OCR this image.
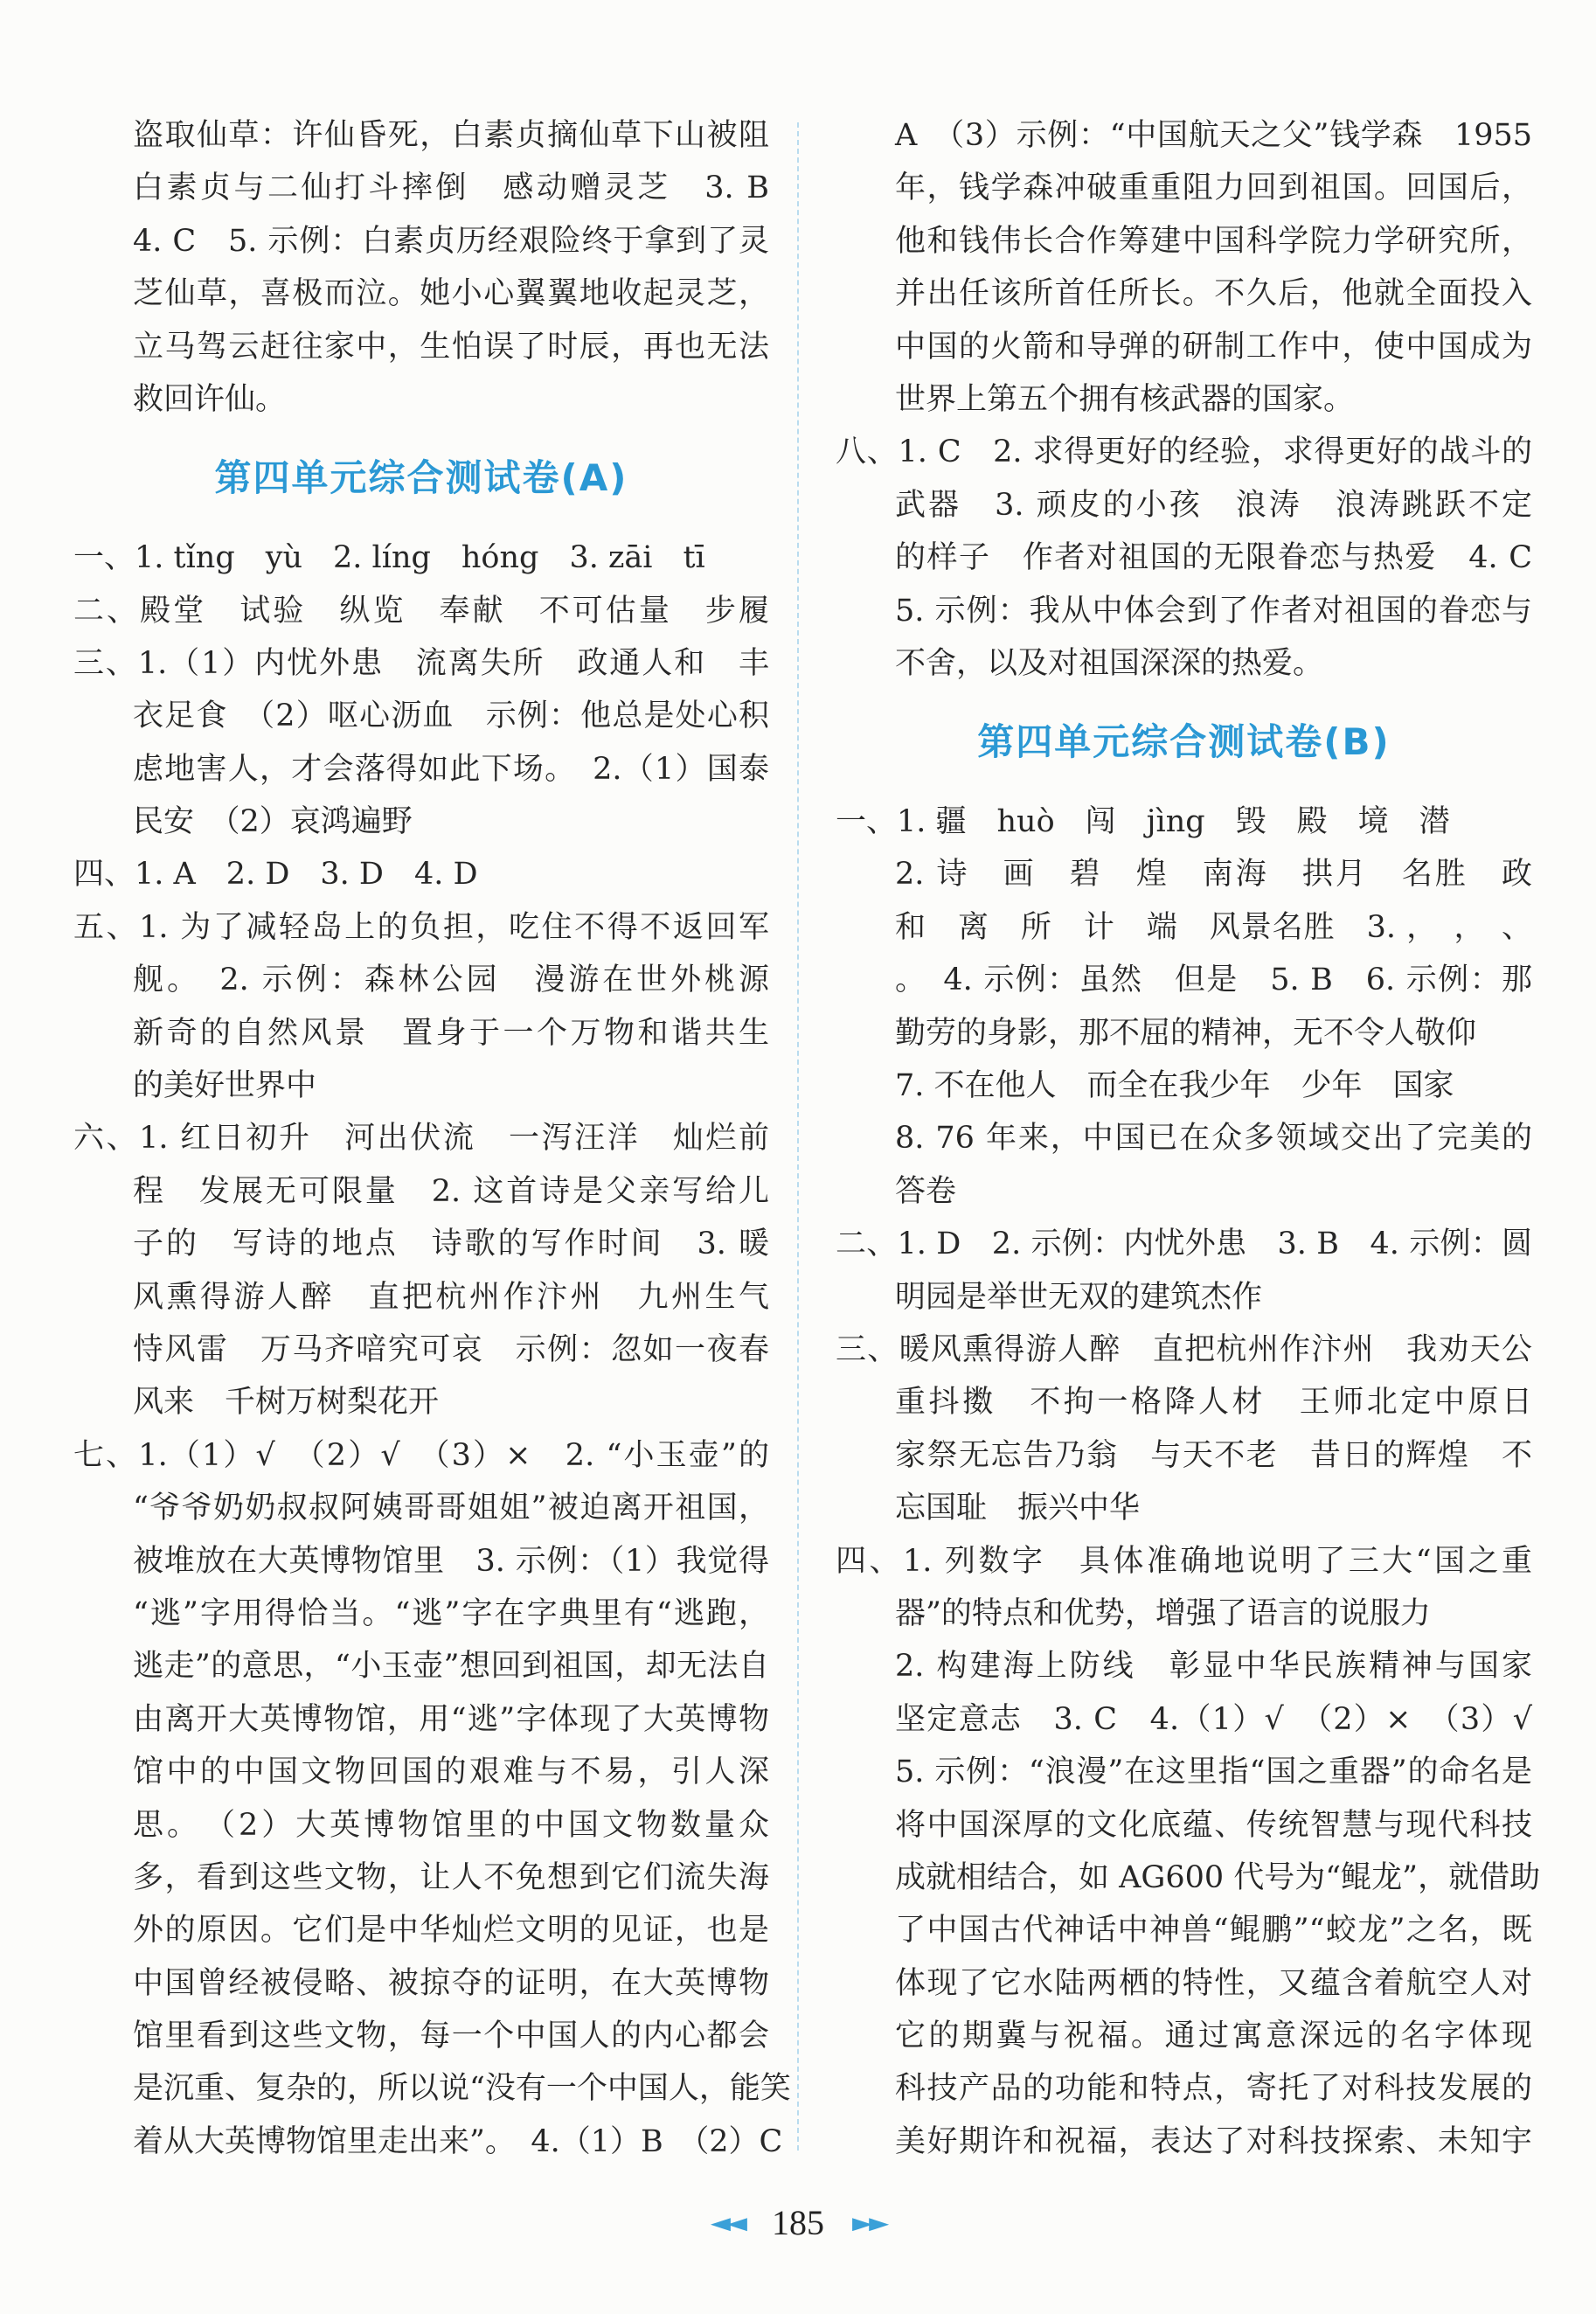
盗取仙草：许仙昏死，白素贞摘仙草下山被阻
白素贞与二仙打斗摔倒　感动赠灵芝　3. B
4. C　5. 示例：白素贞历经艰险终于拿到了灵
芝仙草，喜极而泣。她小心翼翼地收起灵芝，
立马驾云赶往家中，生怕误了时辰，再也无法
救回许仙。
第四单元综合测试卷(A)
一、1. tǐng　yù　2. líng　hóng　3. zāi　tī
二、殿堂　试验　纵览　奉献　不可估量　步履
三、1.（1）内忧外患　流离失所　政通人和　丰
衣足食　（2）呕心沥血　示例：他总是处心积
虑地害人，才会落得如此下场。　2.（1）国泰
民安　（2）哀鸿遍野
四、1. A　2. D　3. D　4. D
五、1. 为了减轻岛上的负担，吃住不得不返回军
舰。　2. 示例：森林公园　漫游在世外桃源
新奇的自然风景　置身于一个万物和谐共生
的美好世界中
六、1. 红日初升　河出伏流　一泻汪洋　灿烂前
程　发展无可限量　2. 这首诗是父亲写给儿
子的　写诗的地点　诗歌的写作时间　3. 暖
风熏得游人醉　直把杭州作汴州　九州生气
恃风雷　万马齐喑究可哀　示例：忽如一夜春
风来　千树万树梨花开
七、1.（1）√　（2）√　（3）×　2. “小玉壶”的
“爷爷奶奶叔叔阿姨哥哥姐姐”被迫离开祖国，
被堆放在大英博物馆里　3. 示例：（1）我觉得
“逃”字用得恰当。“逃”字在字典里有“逃跑，
逃走”的意思，“小玉壶”想回到祖国，却无法自
由离开大英博物馆，用“逃”字体现了大英博物
馆中的中国文物回国的艰难与不易，引人深
思。　（2）大英博物馆里的中国文物数量众
多，看到这些文物，让人不免想到它们流失海
外的原因。它们是中华灿烂文明的见证，也是
中国曾经被侵略、被掠夺的证明，在大英博物
馆里看到这些文物，每一个中国人的内心都会
是沉重、复杂的，所以说“没有一个中国人，能笑
着从大英博物馆里走出来”。　4.（1）B　（2）C
A　（3）示例：“中国航天之父”钱学森　1955
年，钱学森冲破重重阻力回到祖国。回国后，
他和钱伟长合作筹建中国科学院力学研究所，
并出任该所首任所长。不久后，他就全面投入
中国的火箭和导弹的研制工作中，使中国成为
世界上第五个拥有核武器的国家。
八、1. C　2. 求得更好的经验，求得更好的战斗的
武器　3. 顽皮的小孩　浪涛　浪涛跳跃不定
的样子　作者对祖国的无限眷恋与热爱　4. C
5. 示例：我从中体会到了作者对祖国的眷恋与
不舍，以及对祖国深深的热爱。
第四单元综合测试卷(B)
一、1. 疆　huò　闯　jìng　毁　殿　境　潜
2. 诗　画　碧　煌　南海　拱月　名胜　政
和　离　所　计　端　风景名胜　3. ，　，　、
。　4. 示例：虽然　但是　5. B　6. 示例：那
勤劳的身影，那不屈的精神，无不令人敬仰
7. 不在他人　而全在我少年　少年　国家
8. 76 年来，中国已在众多领域交出了完美的
答卷
二、1. D　2. 示例：内忧外患　3. B　4. 示例：圆
明园是举世无双的建筑杰作
三、暖风熏得游人醉　直把杭州作汴州　我劝天公
重抖擞　不拘一格降人材　王师北定中原日
家祭无忘告乃翁　与天不老　昔日的辉煌　不
忘国耻　振兴中华
四、1. 列数字　具体准确地说明了三大“国之重
器”的特点和优势，增强了语言的说服力
2. 构建海上防线　彰显中华民族精神与国家
坚定意志　3. C　4.（1）√　（2）×　（3）√
5. 示例：“浪漫”在这里指“国之重器”的命名是
将中国深厚的文化底蕴、传统智慧与现代科技
成就相结合，如 AG600 代号为“鲲龙”，就借助
了中国古代神话中神兽“鲲鹏”“蛟龙”之名，既
体现了它水陆两栖的特性，又蕴含着航空人对
它的期冀与祝福。通过寓意深远的名字体现
科技产品的功能和特点，寄托了对科技发展的
美好期许和祝福，表达了对科技探索、未知宇
◄◄ 185 ►►
